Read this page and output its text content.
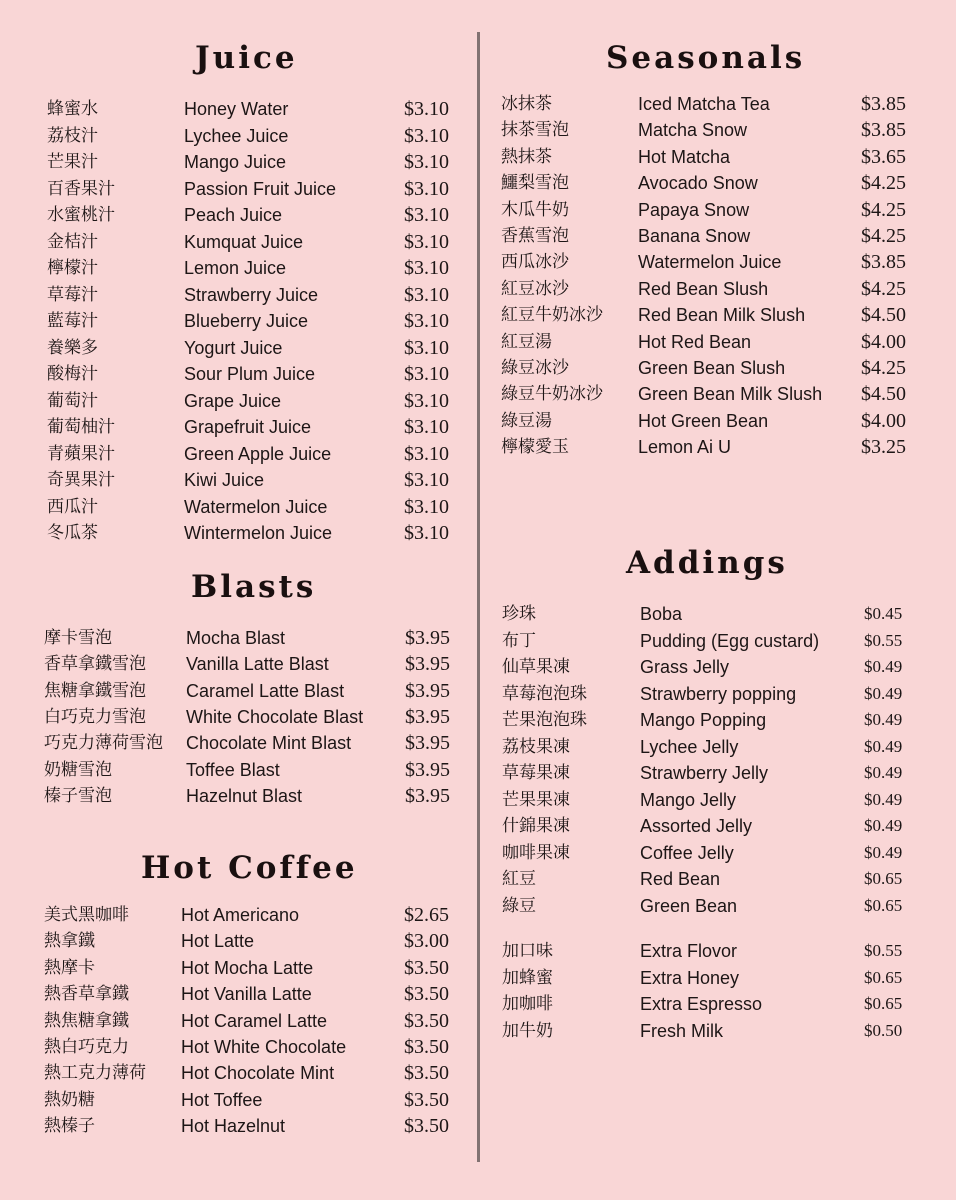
Juice
蜂蜜水	Honey Water	$3.10
荔枝汁	Lychee Juice	$3.10
芒果汁	Mango Juice	$3.10
百香果汁	Passion Fruit Juice	$3.10
水蜜桃汁	Peach Juice	$3.10
金桔汁	Kumquat Juice	$3.10
檸檬汁	Lemon Juice	$3.10
草莓汁	Strawberry Juice	$3.10
藍莓汁	Blueberry Juice	$3.10
養樂多	Yogurt Juice	$3.10
酸梅汁	Sour Plum Juice	$3.10
葡萄汁	Grape Juice	$3.10
葡萄柚汁	Grapefruit Juice	$3.10
青蘋果汁	Green Apple Juice	$3.10
奇異果汁	Kiwi Juice	$3.10
西瓜汁	Watermelon Juice	$3.10
冬瓜茶	Wintermelon Juice	$3.10
Blasts
摩卡雪泡	Mocha Blast	$3.95
香草拿鐵雪泡 Vanilla Latte Blast	$3.95
焦糖拿鐵雪泡 Caramel Latte Blast	$3.95
白巧克力雪泡 White Chocolate Blast $3.95
巧克力薄荷雪泡 Chocolate Mint Blast	$3.95
奶糖雪泡	Toffee Blast	$3.95
榛子雪泡	Hazelnut Blast	$3.95
Hot Coffee
美式黑咖啡	Hot Americano	$2.65
熱拿鐵	Hot Latte	$3.00
熱摩卡	Hot Mocha Latte	$3.50
熱香草拿鐵	Hot Vanilla Latte	$3.50
熱焦糖拿鐵	Hot Caramel Latte	$3.50
熱白巧克力	Hot White Chocolate	$3.50
熱工克力薄荷 Hot Chocolate Mint	$3.50
熱奶糖	Hot Toffee	$3.50
熱榛子	Hot Hazelnut	$3.50
Seasonals
冰抹茶	Iced Matcha Tea	$3.85
抹茶雪泡	Matcha Snow	$3.85
熱抹茶	Hot Matcha	$3.65
鱷梨雪泡	Avocado Snow	$4.25
木瓜牛奶	Papaya Snow	$4.25
香蕉雪泡	Banana Snow	$4.25
西瓜冰沙	Watermelon Juice	$3.85
紅豆冰沙	Red Bean Slush	$4.25
紅豆牛奶冰沙 Red Bean Milk Slush	$4.50
紅豆湯	Hot Red Bean	$4.00
綠豆冰沙	Green Bean Slush	$4.25
綠豆牛奶冰沙 Green Bean Milk Slush $4.50
綠豆湯	Hot Green Bean	$4.00
檸檬愛玉	Lemon Ai U	$3.25
Addings
珍珠	Boba	$0.45
布丁	Pudding (Egg custard)	$0.55
仙草果凍	Grass Jelly	$0.49
草莓泡泡珠	Strawberry popping	$0.49
芒果泡泡珠	Mango Popping	$0.49
荔枝果凍	Lychee Jelly	$0.49
草莓果凍	Strawberry Jelly	$0.49
芒果果凍	Mango Jelly	$0.49
什錦果凍	Assorted Jelly	$0.49
咖啡果凍	Coffee Jelly	$0.49
紅豆	Red Bean	$0.65
綠豆	Green Bean	$0.65
加口味	Extra Flovor	$0.55
加蜂蜜	Extra Honey	$0.65
加咖啡	Extra Espresso	$0.65
加牛奶	Fresh Milk	$0.50
